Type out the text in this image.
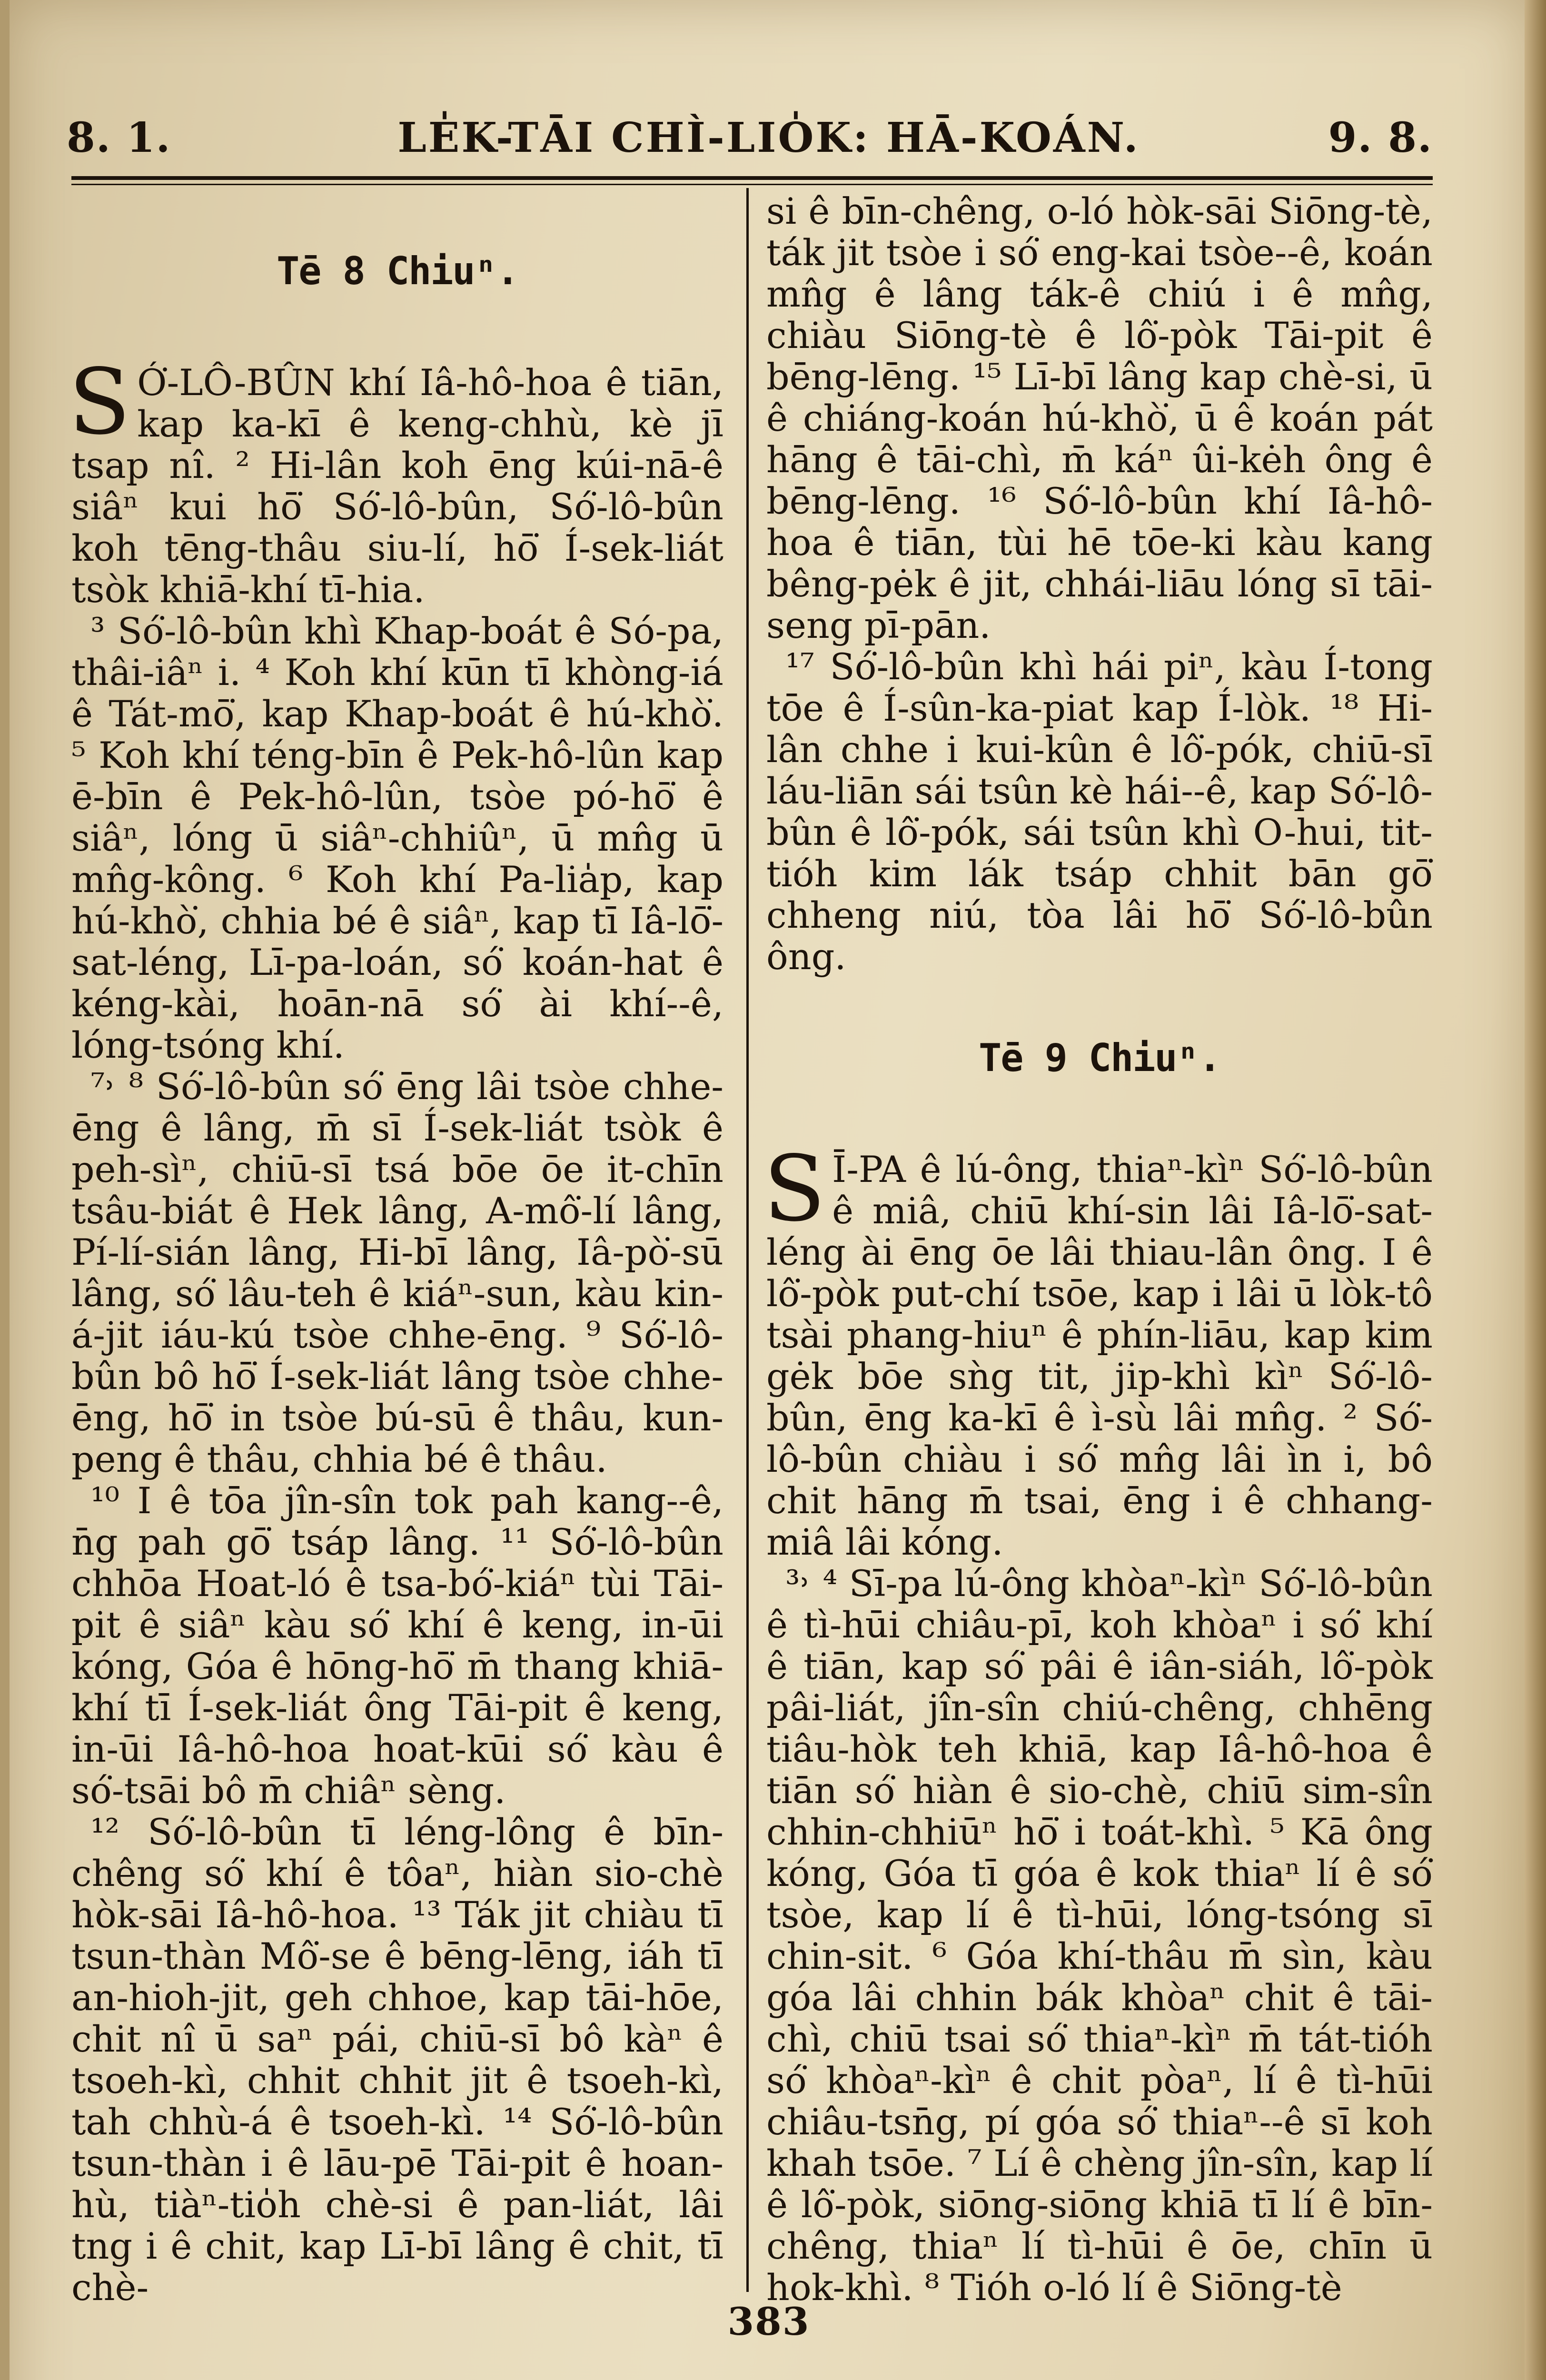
LE̍K-TĀI CHÌ-LIO̍K: HĀ-KOÁN.
8. 1.	9. 8.
Tē 8 Chiuⁿ.

SÓ͘-LÔ-BÛN khí Iâ-hô-hoa ê tiān, kap ka-kī ê keng-chhù, kè jī tsap nî. ² Hi-lân koh ēng kúi-nā-ê siâⁿ kui hō͘ Só͘-lô-bûn, Só͘-lô-bûn koh tēng-thâu siu-lí, hō͘ Í-sek-liát tsòk khiā-khí tī-hia.

³ Só͘-lô-bûn khì Khap-boát ê Só-pa, thâi-iâⁿ i. ⁴ Koh khí kūn tī khòng-iá ê Tát-mō͘, kap Khap-boát ê hú-khò͘. ⁵ Koh khí téng-bīn ê Pek-hô-lûn kap ē-bīn ê Pek-hô-lûn, tsòe pó-hō͘ ê siâⁿ, lóng ū siâⁿ-chhiûⁿ, ū mn̂g ū mn̂g-kông. ⁶ Koh khí Pa-lia̍p, kap hú-khò͘, chhia bé ê siâⁿ, kap tī Iâ-lō͘-sat-léng, Lī-pa-loán, só͘ koán-hat ê kéng-kài, hoān-nā só͘ ài khí--ê, lóng-tsóng khí.

⁷˒ ⁸ Só͘-lô-bûn só͘ ēng lâi tsòe chhe-ēng ê lâng, m̄ sī Í-sek-liát tsòk ê peh-sìⁿ, chiū-sī tsá bōe ōe it-chīn tsâu-biát ê Hek lâng, A-mô͘-lí lâng, Pí-lí-sián lâng, Hi-bī lâng, Iâ-pò͘-sū lâng, só͘ lâu-teh ê kiáⁿ-sun, kàu kin-á-jit iáu-kú tsòe chhe-ēng. ⁹ Só͘-lô-bûn bô hō͘ Í-sek-liát lâng tsòe chhe-ēng, hō͘ in tsòe bú-sū ê thâu, kun-peng ê thâu, chhia bé ê thâu.

¹⁰ I ê tōa jîn-sîn tok pah kang--ê, n̄g pah gō͘ tsáp lâng. ¹¹ Só͘-lô-bûn chhōa Hoat-ló ê tsa-bó͘-kiáⁿ tùi Tāi-pit ê siâⁿ kàu só͘ khí ê keng, in-ūi kóng, Góa ê hōng-hō͘ m̄ thang khiā-khí tī Í-sek-liát ông Tāi-pit ê keng, in-ūi Iâ-hô-hoa hoat-kūi só͘ kàu ê só͘-tsāi bô m̄ chiâⁿ sèng.

¹² Só͘-lô-bûn tī léng-lông ê bīn-chêng só͘ khí ê tôaⁿ, hiàn sio-chè hòk-sāi Iâ-hô-hoa. ¹³ Ták jit chiàu tī tsun-thàn Mô͘-se ê bēng-lēng, iáh tī an-hioh-jit, geh chhoe, kap tāi-hōe, chit nî ū saⁿ pái, chiū-sī bô kàⁿ ê tsoeh-kì, chhit chhit jit ê tsoeh-kì, tah chhù-á ê tsoeh-kì. ¹⁴ Só͘-lô-bûn tsun-thàn i ê lāu-pē Tāi-pit ê hoan-hù, tiàⁿ-tio̍h chè-si ê pan-liát, lâi tng i ê chit, kap Lī-bī lâng ê chit, tī chè-

si ê bīn-chêng, o-ló hòk-sāi Siōng-tè, ták jit tsòe i só͘ eng-kai tsòe--ê, koán mn̂g ê lâng ták-ê chiú i ê mn̂g, chiàu Siōng-tè ê lô͘-pòk Tāi-pit ê bēng-lēng. ¹⁵ Lī-bī lâng kap chè-si, ū ê chiáng-koán hú-khò͘, ū ê koán pát hāng ê tāi-chì, m̄ káⁿ ûi-kėh ông ê bēng-lēng. ¹⁶ Só͘-lô-bûn khí Iâ-hô-hoa ê tiān, tùi hē tōe-ki kàu kang bêng-pėk ê jit, chhái-liāu lóng sī tāi-seng pī-pān.

¹⁷ Só͘-lô-bûn khì hái piⁿ, kàu Í-tong tōe ê Í-sûn-ka-piat kap Í-lòk. ¹⁸ Hi-lân chhe i kui-kûn ê lô͘-pók, chiū-sī láu-liān sái tsûn kè hái--ê, kap Só͘-lô-bûn ê lô͘-pók, sái tsûn khì O-hui, tit-tióh kim lák tsáp chhit bān gō͘ chheng niú, tòa lâi hō͘ Só͘-lô-bûn ông.

Tē 9 Chiuⁿ.

S Ī-PA ê lú-ông, thiaⁿ-kìⁿ Só͘-lô-bûn ê miâ, chiū khí-sin lâi Iâ-lō͘-sat-léng ài ēng ōe lâi thiau-lân ông. I ê lô͘-pòk put-chí tsōe, kap i lâi ū lòk-tô tsài phang-hiuⁿ ê phín-liāu, kap kim gėk bōe sǹg tit, jip-khì kìⁿ Só͘-lô-bûn, ēng ka-kī ê ì-sù lâi mn̂g. ² Só͘-lô-bûn chiàu i só͘ mn̂g lâi ìn i, bô chit hāng m̄ tsai, ēng i ê chhang-miâ lâi kóng.

³˒ ⁴ Sī-pa lú-ông khòaⁿ-kìⁿ Só͘-lô-bûn ê tì-hūi chiâu-pī, koh khòaⁿ i só͘ khí ê tiān, kap só͘ pâi ê iân-siáh, lô͘-pòk pâi-liát, jîn-sîn chiú-chêng, chhēng tiâu-hòk teh khiā, kap Iâ-hô-hoa ê tiān só͘ hiàn ê sio-chè, chiū sim-sîn chhin-chhiūⁿ hō͘ i toát-khì. ⁵ Kā ông kóng, Góa tī góa ê kok thiaⁿ lí ê só͘ tsòe, kap lí ê tì-hūi, lóng-tsóng sī chin-sit. ⁶ Góa khí-thâu m̄ sìn, kàu góa lâi chhin bák khòaⁿ chit ê tāi-chì, chiū tsai só͘ thiaⁿ-kìⁿ m̄ tát-tióh só͘ khòaⁿ-kìⁿ ê chit pòaⁿ, lí ê tì-hūi chiâu-tsn̄g, pí góa só͘ thiaⁿ--ê sī koh khah tsōe. ⁷ Lí ê chèng jîn-sîn, kap lí ê lô͘-pòk, siōng-siōng khiā tī lí ê bīn-chêng, thiaⁿ lí tì-hūi ê ōe, chīn ū hok-khì. ⁸ Tióh o-ló lí ê Siōng-tè

383
